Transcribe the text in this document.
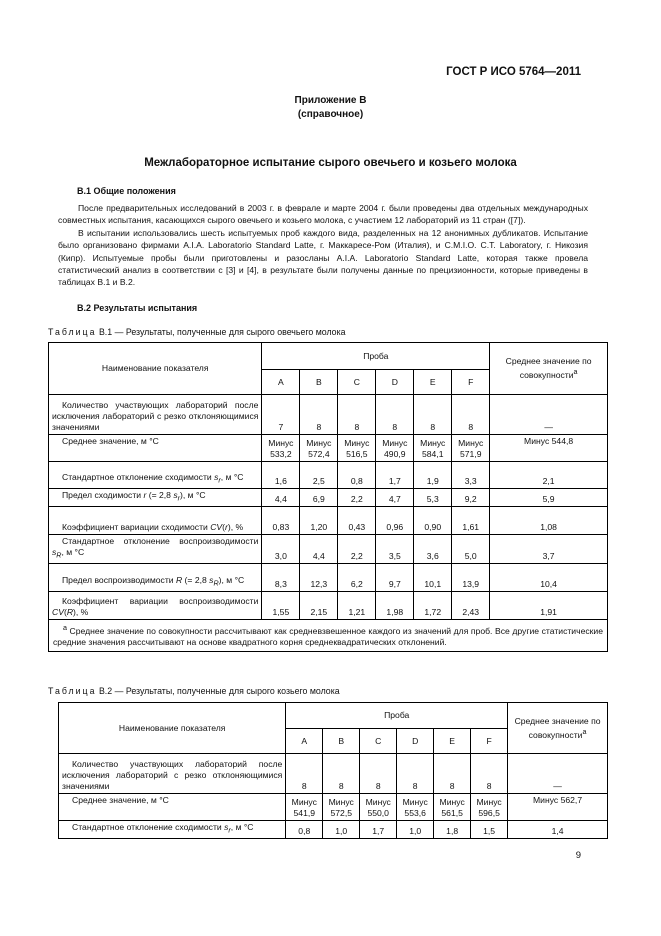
ГОСТ Р ИСО 5764—2011
Приложение В
(справочное)
Межлабораторное испытание сырого овечьего и козьего молока
В.1 Общие положения

После предварительных исследований в 2003 г. в феврале и марте 2004 г. были проведены два отдельных международных совместных испытания, касающихся сырого овечьего и козьего молока, с участием 12 лабораторий из 11 стран ([7]).

В испытании использовались шесть испытуемых проб каждого вида, разделенных на 12 анонимных дубликатов. Испытание было организовано фирмами A.I.A. Laboratorio Standard Latte, г. Маккаресе-Ром (Италия), и C.M.I.O. C.T. Laboratory, г. Никозия (Кипр). Испытуемые пробы были приготовлены и разосланы A.I.A. Laboratorio Standard Latte, которая также провела статистический анализ в соответствии с [3] и [4], в результате были получены данные по прецизионности, которые приведены в таблицах В.1 и В.2.

В.2 Результаты испытания
Таблица В.1 — Результаты, полученные для сырого овечьего молока
Наименование показателя	Проба						Среднее значение по совокупности$^a$
	A	B	C	D	E	F	
Количество участвующих лабораторий после исключения лабораторий с резко отклоняющимися значениями	7	8	8	8	8	8	—
Среднее значение, м °С	Минус 533,2	Минус 572,4	Минус 516,5	Минус 490,9	Минус 584,1	Минус 571,9	Минус 544,8
Стандартное отклонение сходимости $s_r$, м °С	1,6	2,5	0,8	1,7	1,9	3,3	2,1
Предел сходимости r (= 2,8 $s_r$), м °С	4,4	6,9	2,2	4,7	5,3	9,2	5,9
Коэффициент вариации сходимости CV(r), %	0,83	1,20	0,43	0,96	0,90	1,61	1,08
Стандартное отклонение воспроизводимости $s_R$, м °С	3,0	4,4	2,2	3,5	3,6	5,0	3,7
Предел воспроизводимости R (= 2,8 $s_R$), м °С	8,3	12,3	6,2	9,7	10,1	13,9	10,4
Коэффициент вариации воспроизводимости CV(R), %	1,55	2,15	1,21	1,98	1,72	2,43	1,91
$^a$ Среднее значение по совокупности рассчитывают как средневзвешенное каждого из значений для проб. Все другие статистические средние значения рассчитывают на основе квадратного корня среднеквадратических отклонений.							
Таблица В.2 — Результаты, полученные для сырого козьего молока
Наименование показателя	Проба						Среднее значение по совокупности$^a$
	A	B	C	D	E	F	
Количество участвующих лабораторий после исключения лабораторий с резко отклоняющимися значениями	8	8	8	8	8	8	—
Среднее значение, м °С	Минус 541,9	Минус 572,5	Минус 550,0	Минус 553,6	Минус 561,5	Минус 596,5	Минус 562,7
Стандартное отклонение сходимости $s_r$, м °С	0,8	1,0	1,7	1,0	1,8	1,5	1,4
9
